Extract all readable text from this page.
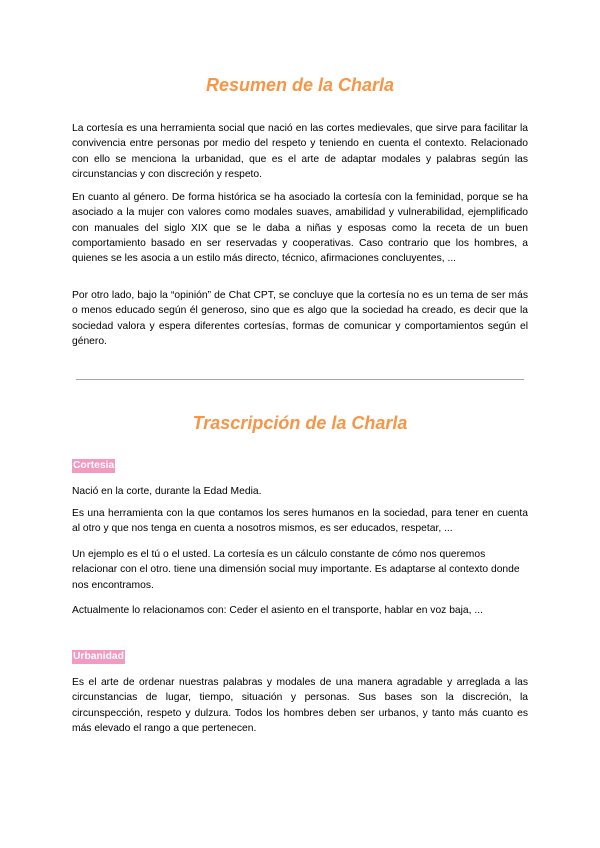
Resumen de la Charla

La cortesía es una herramienta social que nació en las cortes medievales, que sirve para facilitar la convivencia entre personas por medio del respeto y teniendo en cuenta el contexto. Relacionado con ello se menciona la urbanidad, que es el arte de adaptar modales y palabras según las circunstancias y con discreción y respeto.

En cuanto al género. De forma histórica se ha asociado la cortesía con la feminidad, porque se ha asociado a la mujer con valores como modales suaves, amabilidad y vulnerabilidad, ejemplificado con manuales del siglo XIX que se le daba a niñas y esposas como la receta de un buen comportamiento basado en ser reservadas y cooperativas. Caso contrario que los hombres, a quienes se les asocia a un estilo más directo, técnico, afirmaciones concluyentes, ...

Por otro lado, bajo la “opinión” de Chat CPT, se concluye que la cortesía no es un tema de ser más o menos educado según él generoso, sino que es algo que la sociedad ha creado, es decir que la sociedad valora y espera diferentes cortesías, formas de comunicar y comportamientos según el género.

Trascripción de la Charla
Cortesia

Nació en la corte, durante la Edad Media.

Es una herramienta con la que contamos los seres humanos en la sociedad, para tener en cuenta al otro y que nos tenga en cuenta a nosotros mismos, es ser educados, respetar, ...

Un ejemplo es el tú o el usted. La cortesía es un cálculo constante de cómo nos queremos relacionar con el otro. tiene una dimensión social muy importante. Es adaptarse al contexto donde nos encontramos.

Actualmente lo relacionamos con: Ceder el asiento en el transporte, hablar en voz baja, ...

Urbanidad

Es el arte de ordenar nuestras palabras y modales de una manera agradable y arreglada a las circunstancias de lugar, tiempo, situación y personas. Sus bases son la discreción, la circunspección, respeto y dulzura. Todos los hombres deben ser urbanos, y tanto más cuanto es más elevado el rango a que pertenecen.
